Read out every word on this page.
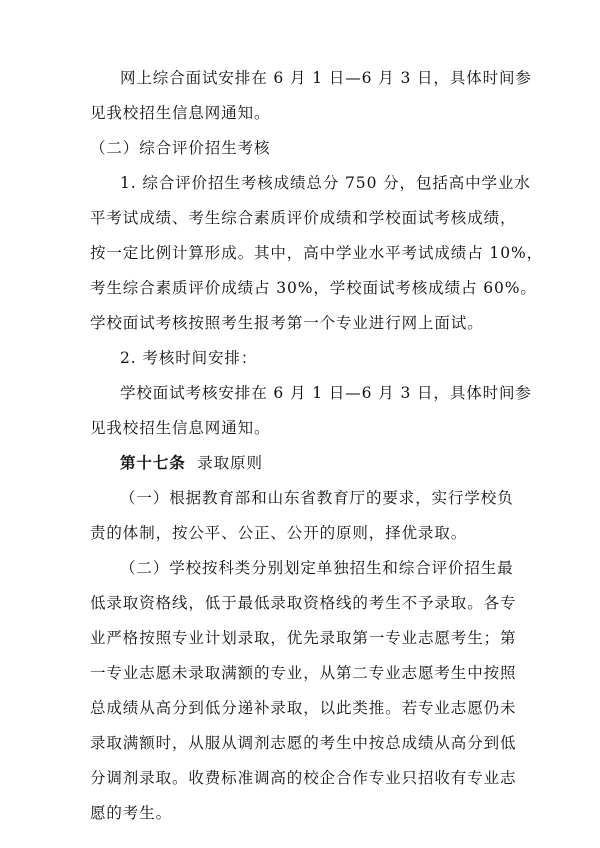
网上综合面试安排在 6 月 1 日—6 月 3 日，具体时间参
见我校招生信息网通知。
（二）综合评价招生考核
1. 综合评价招生考核成绩总分 750 分，包括高中学业水
平考试成绩、考生综合素质评价成绩和学校面试考核成绩，
按一定比例计算形成。其中，高中学业水平考试成绩占 10%，
考生综合素质评价成绩占 30%，学校面试考核成绩占 60%。
学校面试考核按照考生报考第一个专业进行网上面试。
2. 考核时间安排：
学校面试考核安排在 6 月 1 日—6 月 3 日，具体时间参
见我校招生信息网通知。
第十七条 录取原则
（一）根据教育部和山东省教育厅的要求，实行学校负
责的体制，按公平、公正、公开的原则，择优录取。
（二）学校按科类分别划定单独招生和综合评价招生最
低录取资格线，低于最低录取资格线的考生不予录取。各专
业严格按照专业计划录取，优先录取第一专业志愿考生；第
一专业志愿未录取满额的专业，从第二专业志愿考生中按照
总成绩从高分到低分递补录取，以此类推。若专业志愿仍未
录取满额时，从服从调剂志愿的考生中按总成绩从高分到低
分调剂录取。收费标准调高的校企合作专业只招收有专业志
愿的考生。
